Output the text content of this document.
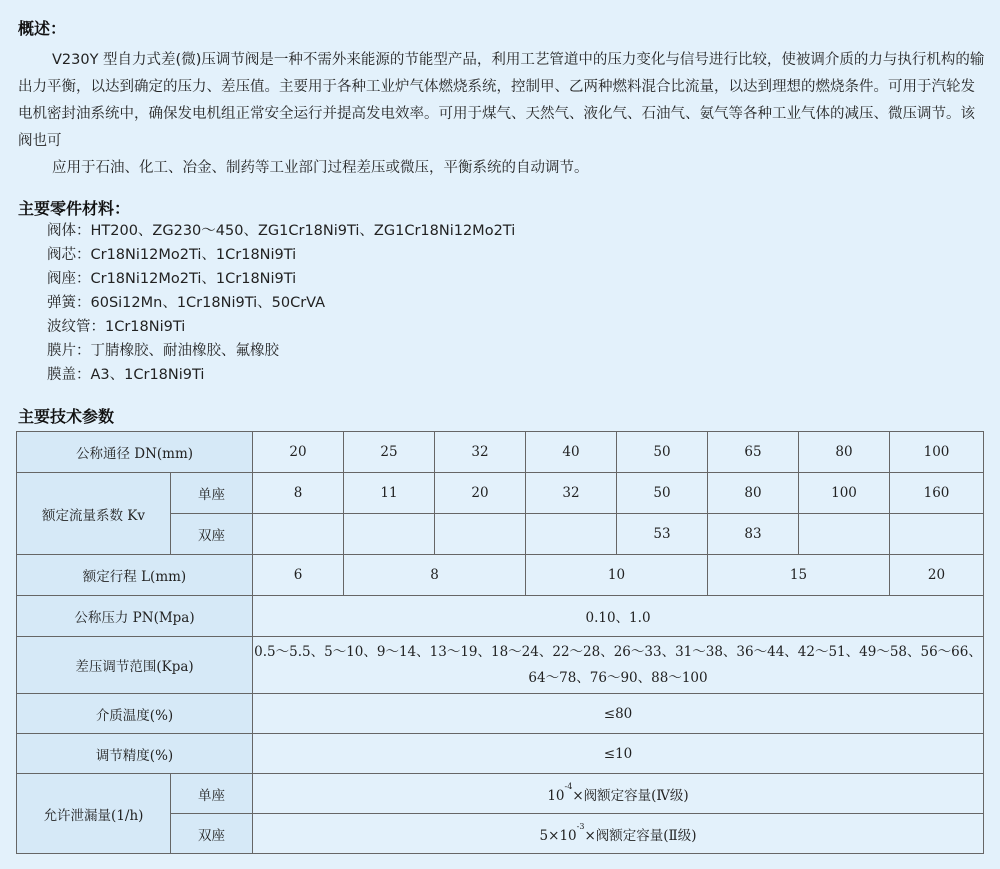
概述：

V230Y 型自力式差(微)压调节阀是一种不需外来能源的节能型产品，利用工艺管道中的压力变化与信号进行比较，使被调介质的力与执行机构的输出力平衡，以达到确定的压力、差压值。主要用于各种工业炉气体燃烧系统，控制甲、乙两种燃料混合比流量，以达到理想的燃烧条件。可用于汽轮发电机密封油系统中，确保发电机组正常安全运行并提高发电效率。可用于煤气、天然气、液化气、石油气、氨气等各种工业气体的减压、微压调节。该阀也可

应用于石油、化工、冶金、制药等工业部门过程差压或微压，平衡系统的自动调节。

主要零件材料：
阀体：HT200、ZG230～450、ZG1Cr18Ni9Ti、ZG1Cr18Ni12Mo2Ti
阀芯：Cr18Ni12Mo2Ti、1Cr18Ni9Ti
阀座：Cr18Ni12Mo2Ti、1Cr18Ni9Ti
弹簧：60Si12Mn、1Cr18Ni9Ti、50CrVA
波纹管：1Cr18Ni9Ti
膜片：丁腈橡胶、耐油橡胶、氟橡胶
膜盖：A3、1Cr18Ni9Ti
主要技术参数
公称通径 DN(mm)		20	25	32	40	50	65	80	100
额定流量系数 Kv	单座	8	11	20	32	50	80	100	160
	双座					53	83		
额定行程 L(mm)		6	8		10		15		20
公称压力 PN(Mpa)		0.10、1.0							
差压调节范围(Kpa)		0.5～5.5、5～10、9～14、13～19、18～24、22～28、26～33、31～38、36～44、42～51、49～58、56～66、64～78、76～90、88～100							
介质温度(%)		≤80							
调节精度(%)		≤10							
允许泄漏量(1/h)	单座	$10^{-4}\times$阀额定容量(Ⅳ级)							
	双座	$5\times 10^{-3}\times$阀额定容量(Ⅱ级)							
